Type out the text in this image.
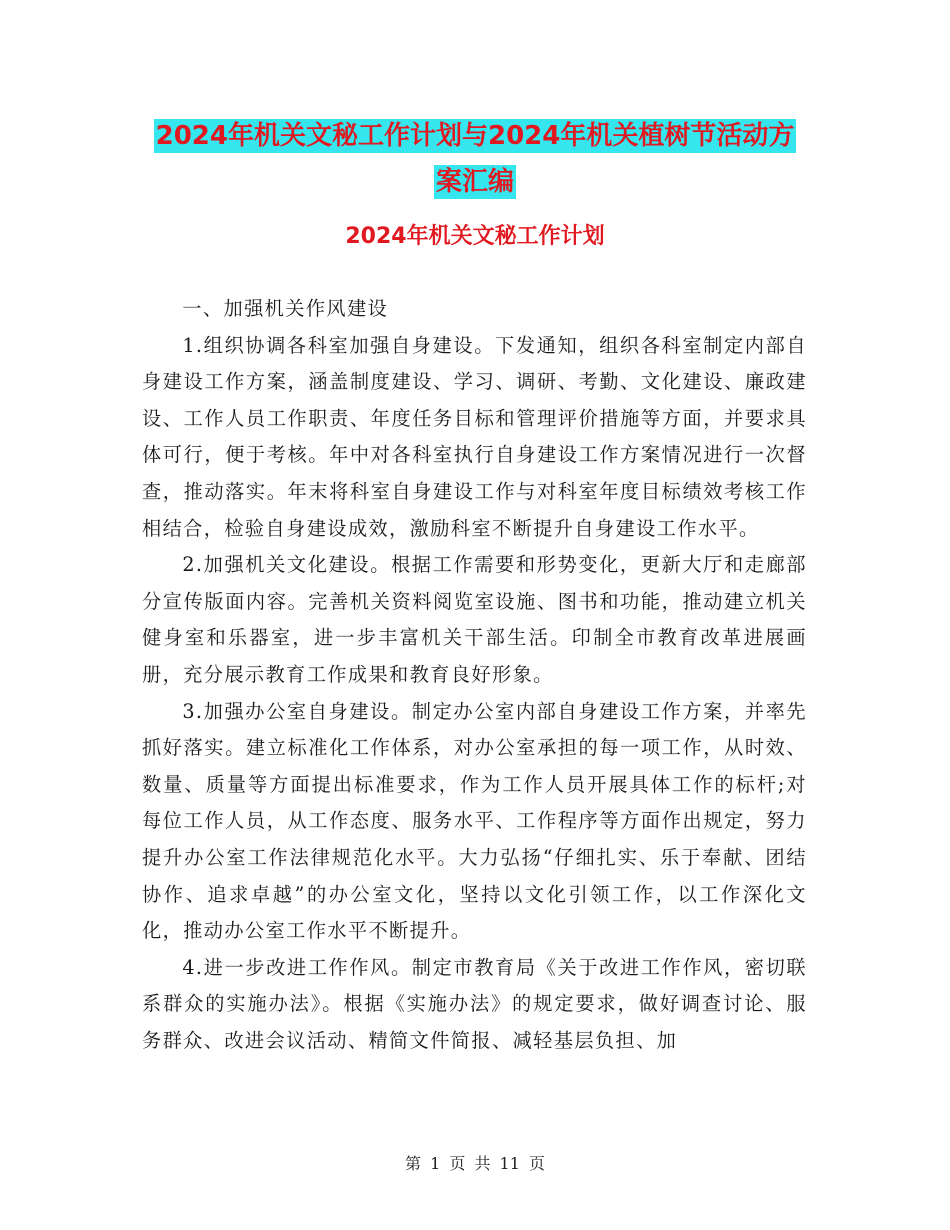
2024年机关文秘工作计划与2024年机关植树节活动方
案汇编
2024年机关文秘工作计划

一、加强机关作风建设

1.组织协调各科室加强自身建设。下发通知，组织各科室制定内部自身建设工作方案，涵盖制度建设、学习、调研、考勤、文化建设、廉政建设、工作人员工作职责、年度任务目标和管理评价措施等方面，并要求具体可行，便于考核。年中对各科室执行自身建设工作方案情况进行一次督查，推动落实。年末将科室自身建设工作与对科室年度目标绩效考核工作相结合，检验自身建设成效，激励科室不断提升自身建设工作水平。

2.加强机关文化建设。根据工作需要和形势变化，更新大厅和走廊部分宣传版面内容。完善机关资料阅览室设施、图书和功能，推动建立机关健身室和乐器室，进一步丰富机关干部生活。印制全市教育改革进展画册，充分展示教育工作成果和教育良好形象。

3.加强办公室自身建设。制定办公室内部自身建设工作方案，并率先抓好落实。建立标准化工作体系，对办公室承担的每一项工作，从时效、数量、质量等方面提出标准要求，作为工作人员开展具体工作的标杆;对每位工作人员，从工作态度、服务水平、工作程序等方面作出规定，努力提升办公室工作法律规范化水平。大力弘扬“仔细扎实、乐于奉献、团结协作、追求卓越”的办公室文化，坚持以文化引领工作，以工作深化文化，推动办公室工作水平不断提升。

4.进一步改进工作作风。制定市教育局《关于改进工作作风，密切联系群众的实施办法》。根据《实施办法》的规定要求，做好调查讨论、服务群众、改进会议活动、精简文件简报、减轻基层负担、加

第 1 页 共 11 页
